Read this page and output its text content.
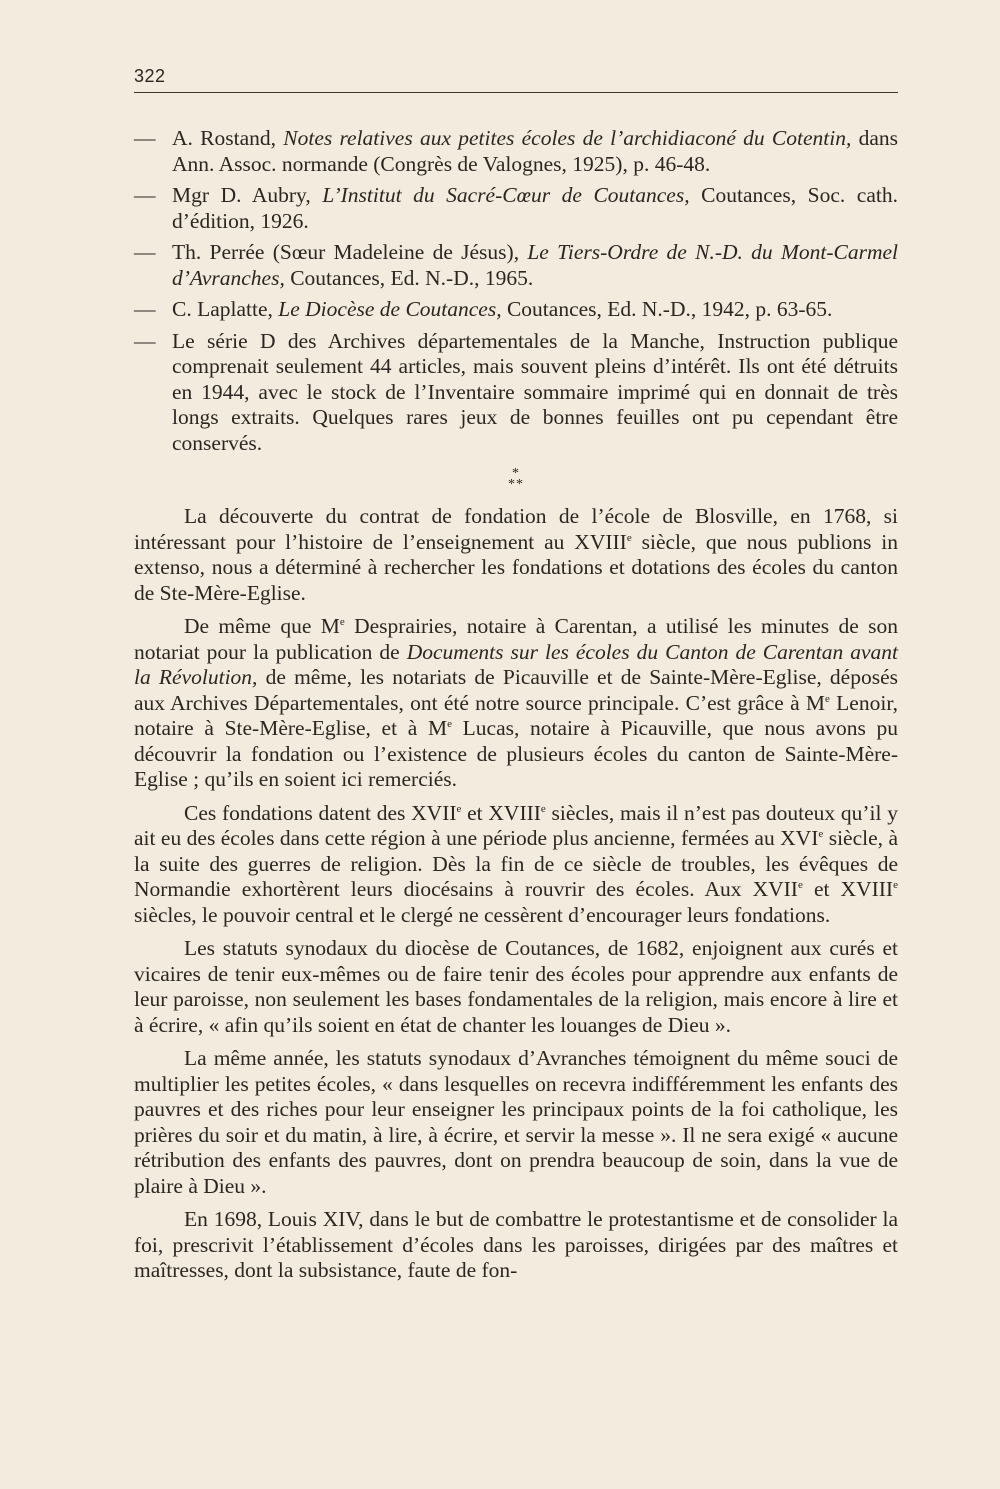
322
— A. Rostand, Notes relatives aux petites écoles de l’archidiaconé du Cotentin, dans Ann. Assoc. normande (Congrès de Valognes, 1925), p. 46-48.
— Mgr D. Aubry, L’Institut du Sacré-Cœur de Coutances, Coutances, Soc. cath. d’édition, 1926.
— Th. Perrée (Sœur Madeleine de Jésus), Le Tiers-Ordre de N.-D. du Mont-Carmel d’Avranches, Coutances, Ed. N.-D., 1965.
— C. Laplatte, Le Diocèse de Coutances, Coutances, Ed. N.-D., 1942, p. 63-65.
— Le série D des Archives départementales de la Manche, Instruction publique comprenait seulement 44 articles, mais souvent pleins d’intérêt. Ils ont été détruits en 1944, avec le stock de l’Inventaire sommaire imprimé qui en donnait de très longs extraits. Quelques rares jeux de bonnes feuilles ont pu cependant être conservés.
*
**

La découverte du contrat de fondation de l’école de Blosville, en 1768, si intéressant pour l’histoire de l’enseignement au XVIIIe siècle, que nous publions in extenso, nous a déterminé à rechercher les fondations et dotations des écoles du canton de Ste-Mère-Eglise.

De même que Me Desprairies, notaire à Carentan, a utilisé les minutes de son notariat pour la publication de Documents sur les écoles du Canton de Carentan avant la Révolution, de même, les notariats de Picauville et de Sainte-Mère-Eglise, déposés aux Archives Départementales, ont été notre source principale. C’est grâce à Me Lenoir, notaire à Ste-Mère-Eglise, et à Me Lucas, notaire à Picauville, que nous avons pu découvrir la fondation ou l’existence de plusieurs écoles du canton de Sainte-Mère-Eglise ; qu’ils en soient ici remerciés.

Ces fondations datent des XVIIe et XVIIIe siècles, mais il n’est pas douteux qu’il y ait eu des écoles dans cette région à une période plus ancienne, fermées au XVIe siècle, à la suite des guerres de religion. Dès la fin de ce siècle de troubles, les évêques de Normandie exhortèrent leurs diocésains à rouvrir des écoles. Aux XVIIe et XVIIIe siècles, le pouvoir central et le clergé ne cessèrent d’encourager leurs fondations.

Les statuts synodaux du diocèse de Coutances, de 1682, enjoignent aux curés et vicaires de tenir eux-mêmes ou de faire tenir des écoles pour apprendre aux enfants de leur paroisse, non seulement les bases fondamentales de la religion, mais encore à lire et à écrire, « afin qu’ils soient en état de chanter les louanges de Dieu ».

La même année, les statuts synodaux d’Avranches témoignent du même souci de multiplier les petites écoles, « dans lesquelles on recevra indifféremment les enfants des pauvres et des riches pour leur enseigner les principaux points de la foi catholique, les prières du soir et du matin, à lire, à écrire, et servir la messe ». Il ne sera exigé « aucune rétribution des enfants des pauvres, dont on prendra beaucoup de soin, dans la vue de plaire à Dieu ».

En 1698, Louis XIV, dans le but de combattre le protestantisme et de consolider la foi, prescrivit l’établissement d’écoles dans les paroisses, dirigées par des maîtres et maîtresses, dont la subsistance, faute de fon-
